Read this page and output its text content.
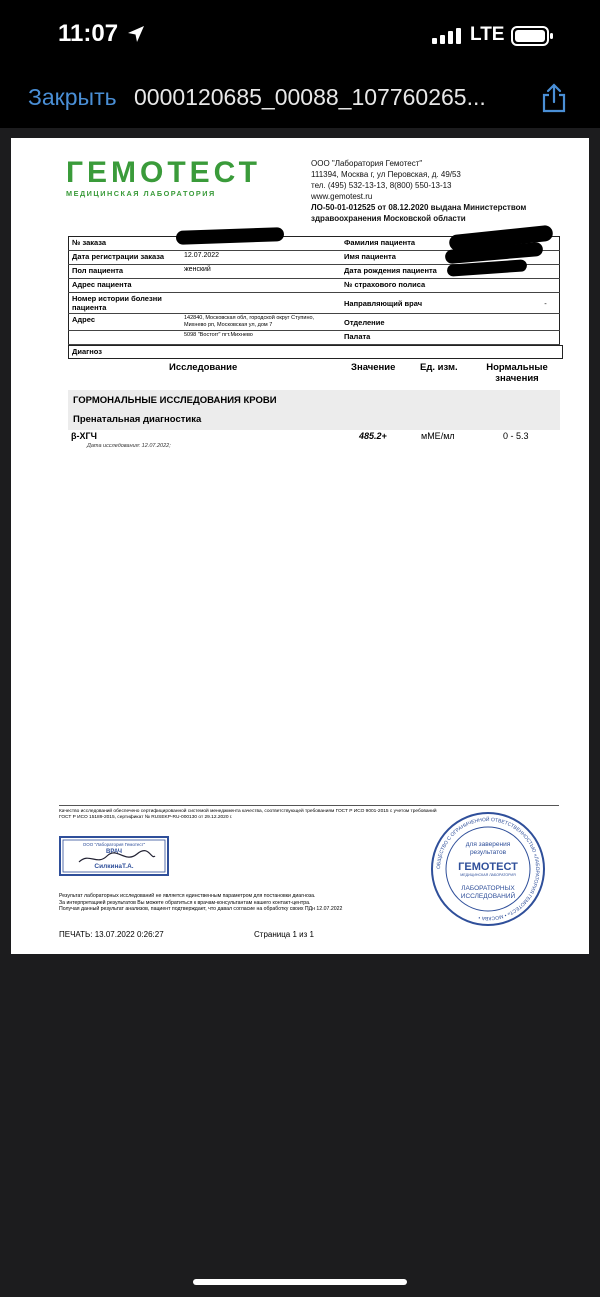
11:07	LTE
Закрыть 0000120685_00088_107760265...
ГЕМОТЕСТ
МЕДИЦИНСКАЯ ЛАБОРАТОРИЯ
ООО "Лаборатория Гемотест"
111394, Москва г, ул Перовская, д. 49/53
тел. (495) 532-13-13, 8(800) 550-13-13
www.gemotest.ru
ЛО-50-01-012525 от 08.12.2020 выдана Министерством
здравоохранения Московской области
№ заказа		Фамилия пациента	
Дата регистрации заказа	12.07.2022	Имя пациента	
Пол пациента	женский	Дата рождения пациента	
Адрес пациента		№ страхового полиса	
Номер истории болезни пациента		Направляющий врач	-
Адрес	142840, Московская обл, городской округ Ступино,
Михнево рп, Московская ул, дом 7	Отделение	
	5098 "Востоrг" пгт.Михнево	Палата	
Диагноз
Исследование	Значение	Ед. изм.	Нормальные значения
ГОРМОНАЛЬНЫЕ ИССЛЕДОВАНИЯ КРОВИ
Пренатальная диагностика
β-ХГЧ	485.2+	мМЕ/мл	0 - 5.3
Дата исследования: 12.07.2022;
Качество исследований обеспечено сертифицированной системой менеджмента качества, соответствующей требованиям ГОСТ Р ИСО 9001-2015 с учетом требований ГОСТ Р ИСО 15189-2015, сертификат № RUSEKP-RU-000130 от 29.12.2020 г.
ООО "Лаборатория Гемотест"
ВРАЧ
СилкинаТ.А.
Результат лабораторных исследований не является единственным параметром для постановки диагноза.
За интерпретацией результатов Вы можете обратиться к врачам-консультантам нашего контакт-центра.
Получая данный результат анализов, пациент подтверждает, что давал согласие на обработку своих ПДн 12.07.2022
ПЕЧАТЬ: 13.07.2022 0:26:27	Страница 1 из 1
ОБЩЕСТВО С ОГРАНИЧЕННОЙ ОТВЕТСТВЕННОСТЬЮ «ЛАБОРАТОРИЯ ГЕМОТЕСТ» • МОСКВА •
для заверения
результатов
ГЕМОТЕСТ
МЕДИЦИНСКАЯ ЛАБОРАТОРИЯ
ЛАБОРАТОРНЫХ
ИССЛЕДОВАНИЙ
